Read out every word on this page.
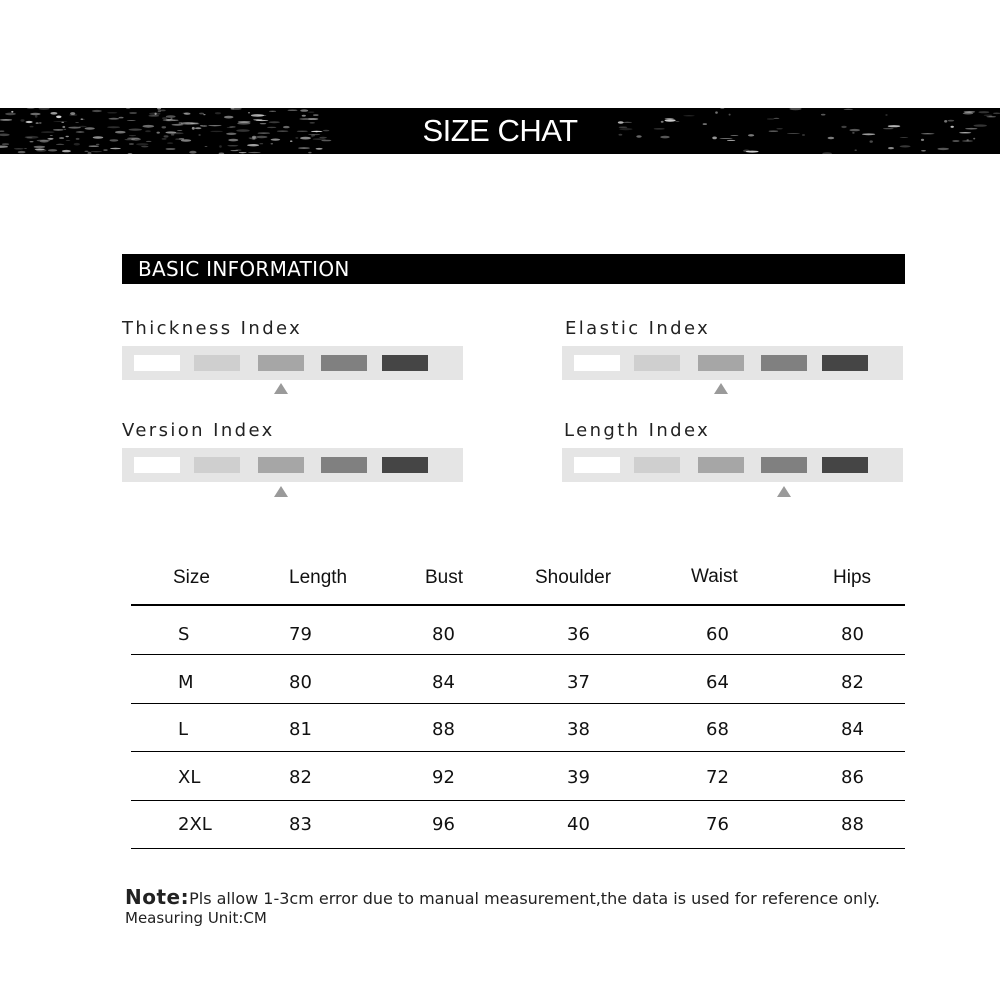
SIZE CHAT
BASIC INFORMATION
Thickness Index	Elastic Index
Version Index	Length Index
Size	Length	Bust	Shoulder	Waist	Hips
S	79	80	36	60	80
M	80	84	37	64	82
L	81	88	38	68	84
XL	82	92	39	72	86
2XL	83	96	40	76	88
Note:Pls allow 1-3cm error due to manual measurement,the data is used for reference only.
Measuring Unit:CM
